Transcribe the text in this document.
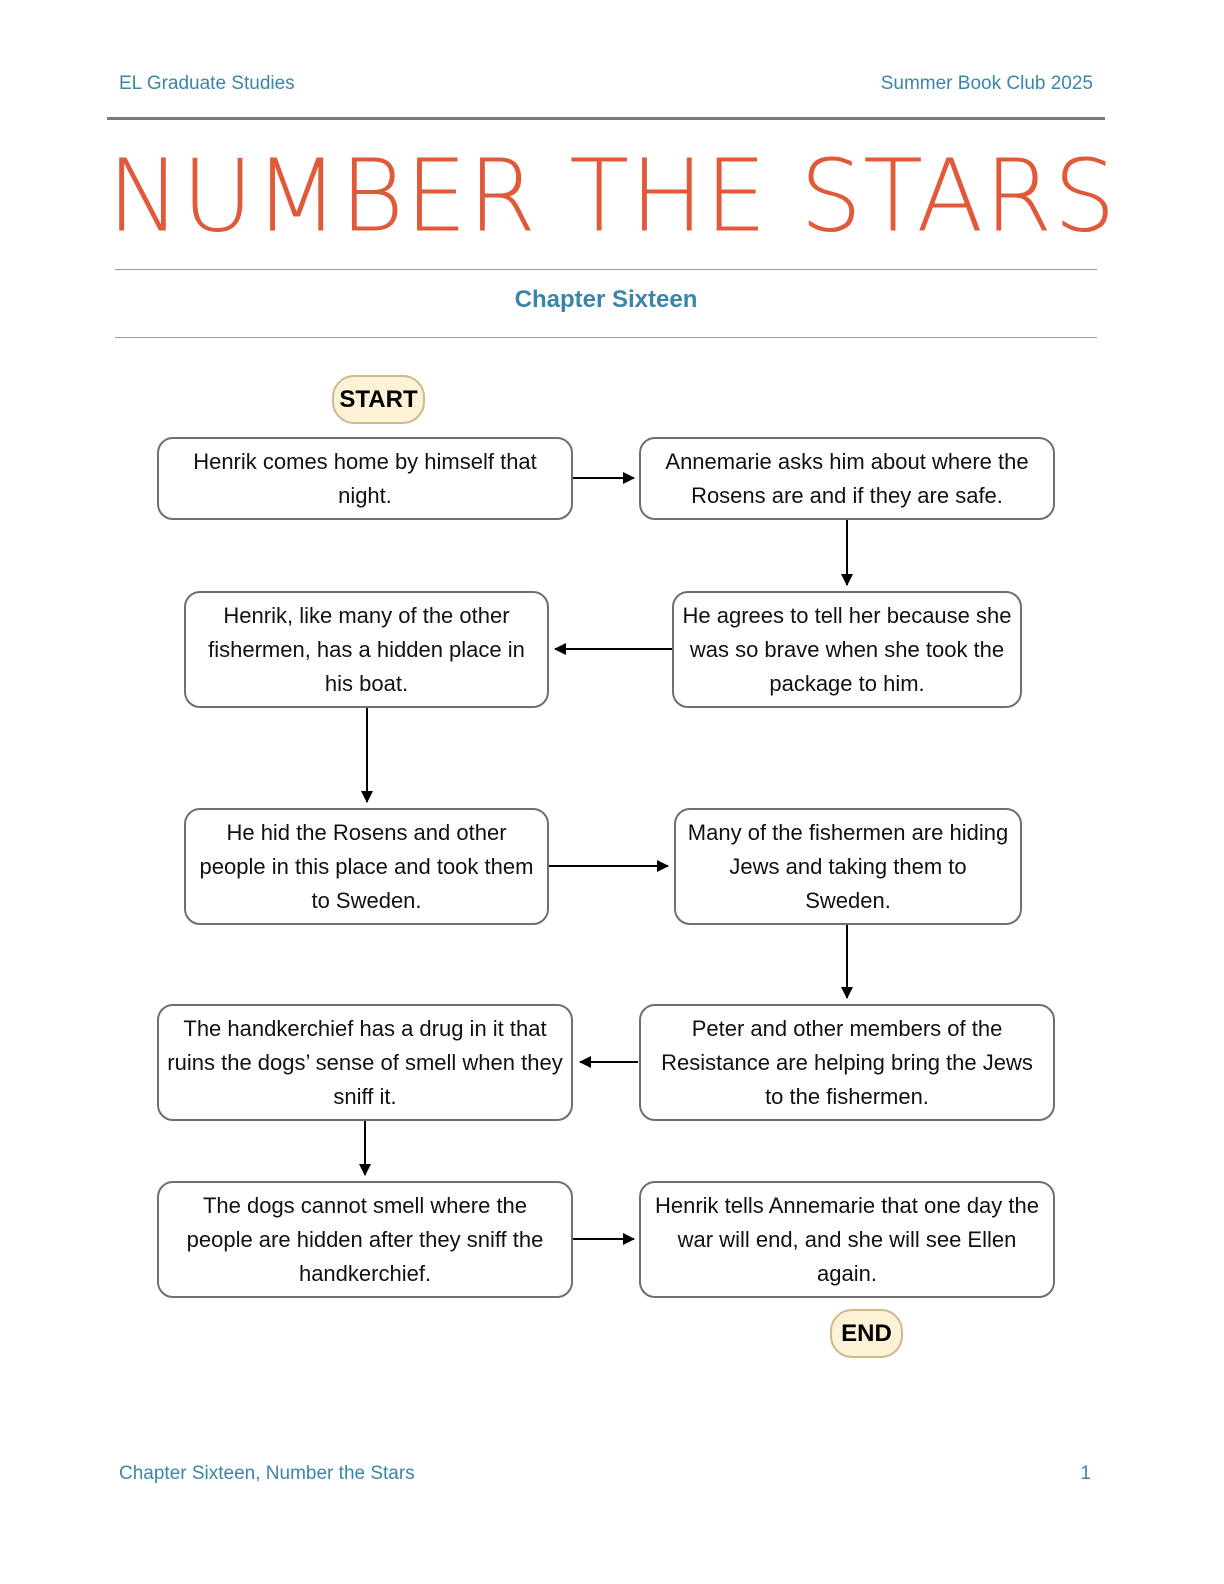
EL Graduate Studies	Summer Book Club 2025
NUMBER THE STARS
Chapter Sixteen
START
Henrik comes home by himself that night.
Annemarie asks him about where the Rosens are and if they are safe.
He agrees to tell her because she was so brave when she took the package to him.
Henrik, like many of the other fishermen, has a hidden place in his boat.
He hid the Rosens and other people in this place and took them to Sweden.
Many of the fishermen are hiding Jews and taking them to Sweden.
Peter and other members of the Resistance are helping bring the Jews to the fishermen.
The handkerchief has a drug in it that ruins the dogs’ sense of smell when they sniff it.
The dogs cannot smell where the people are hidden after they sniff the handkerchief.
Henrik tells Annemarie that one day the war will end, and she will see Ellen again.
END
Chapter Sixteen, Number the Stars	1
